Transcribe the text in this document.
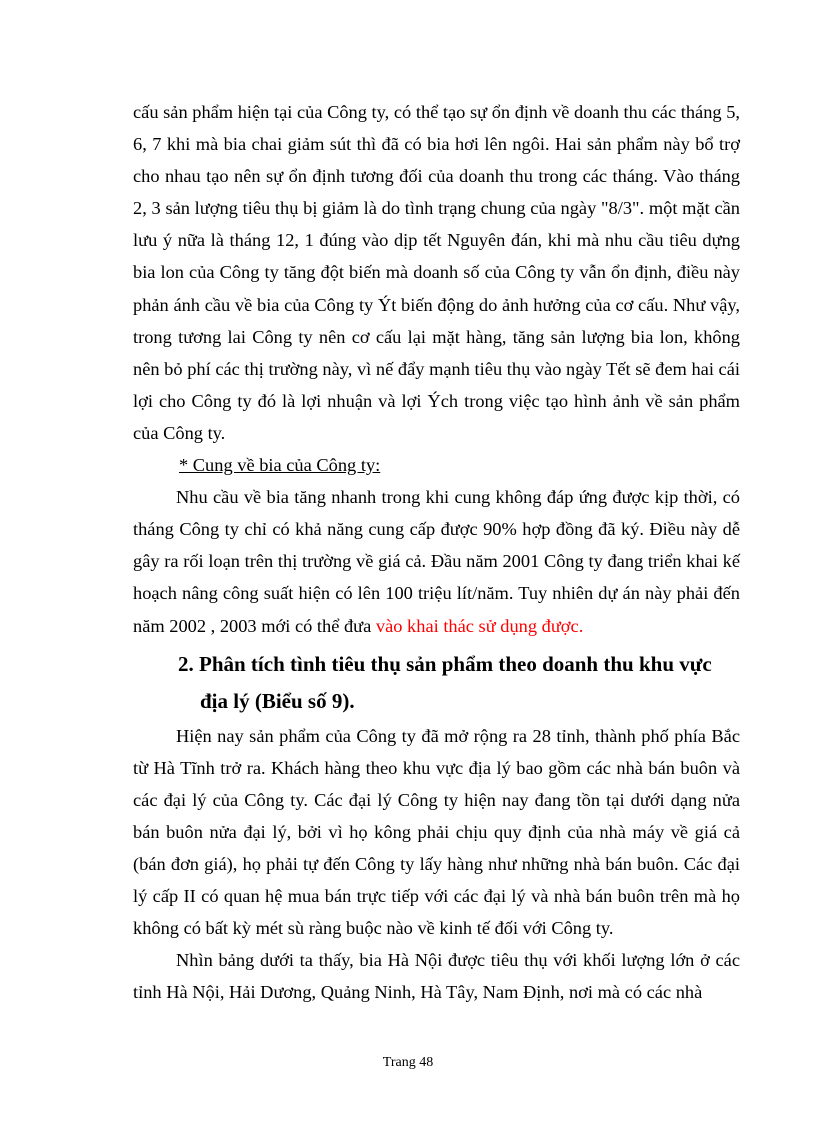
cấu sản phẩm hiện tại của Công ty, có thể tạo sự ổn định về doanh thu các tháng 5, 6, 7 khi mà bia chai giảm sút thì đã có bia hơi lên ngôi. Hai sản phẩm này bổ trợ cho nhau tạo nên sự ổn định tương đối của doanh thu trong các tháng. Vào tháng 2, 3 sản lượng tiêu thụ bị giảm là do tình trạng chung của ngày "8/3". một mặt cần lưu ý nữa là tháng 12, 1 đúng vào dịp tết Nguyên đán, khi mà nhu cầu tiêu dựng bia lon của Công ty tăng đột biến mà doanh số của Công ty vẫn ổn định, điều này phản ánh cầu về bia của Công ty Ýt biến động do ảnh hưởng của cơ cấu. Như vậy, trong tương lai Công ty nên cơ cấu lại mặt hàng, tăng sản lượng bia lon, không nên bỏ phí các thị trường này, vì nế đẩy mạnh tiêu thụ vào ngày Tết sẽ đem hai cái lợi cho Công ty đó là lợi nhuận và lợi Ých trong việc tạo hình ảnh về sản phẩm của Công ty.

* Cung về bia của Công ty:

Nhu cầu về bia tăng nhanh trong khi cung không đáp ứng được kịp thời, có tháng Công ty chỉ có khả năng cung cấp được 90% hợp đồng đã ký. Điều này dễ gây ra rối loạn trên thị trường về giá cả. Đầu năm 2001 Công ty đang triển khai kế hoạch nâng công suất hiện có lên 100 triệu lít/năm. Tuy nhiên dự án này phải đến năm 2002 , 2003 mới có thể đưa vào khai thác sử dụng được.

2. Phân tích tình tiêu thụ sản phẩm theo doanh thu khu vực

địa lý (Biểu số 9).

Hiện nay sản phẩm của Công ty đã mở rộng ra 28 tỉnh, thành phố phía Bắc từ Hà Tĩnh trở ra. Khách hàng theo khu vực địa lý bao gồm các nhà bán buôn và các đại lý của Công ty. Các đại lý Công ty hiện nay đang tồn tại dưới dạng nửa bán buôn nửa đại lý, bởi vì họ kông phải chịu quy định của nhà máy về giá cả (bán đơn giá), họ phải tự đến Công ty lấy hàng như những nhà bán buôn. Các đại lý cấp II có quan hệ mua bán trực tiếp với các đại lý và nhà bán buôn trên mà họ không có bất kỳ mét sù ràng buộc nào về kinh tế đối với Công ty.

Nhìn bảng dưới ta thấy, bia Hà Nội được tiêu thụ với khối lượng lớn ở các tỉnh Hà Nội, Hải Dương, Quảng Ninh, Hà Tây, Nam Định, nơi mà có các nhà

Trang 48
